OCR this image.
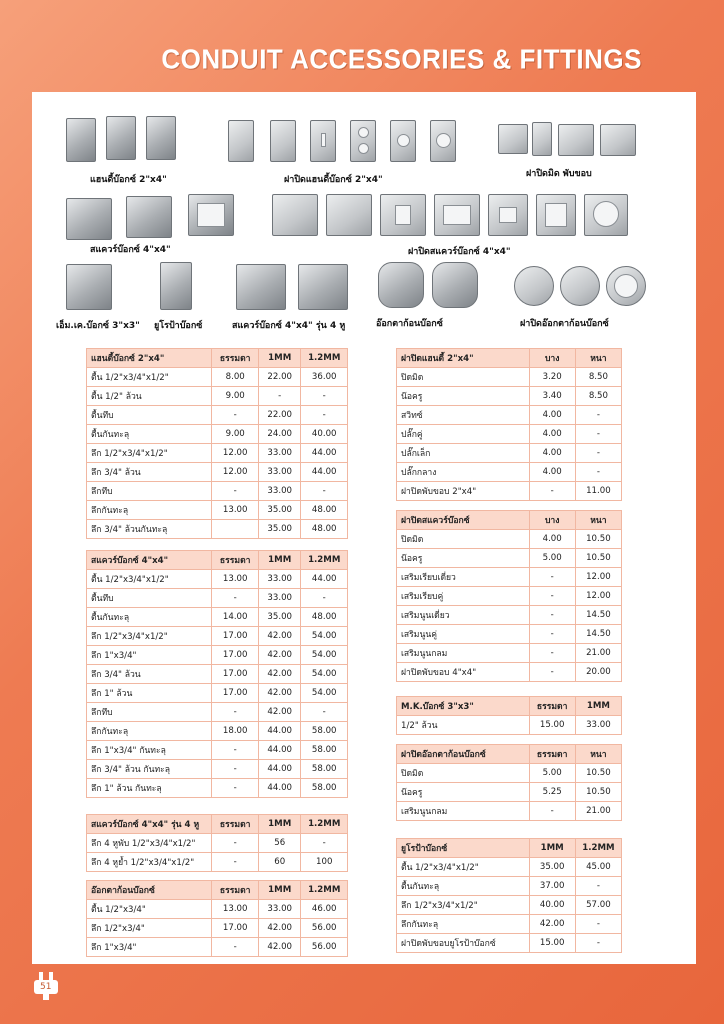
CONDUIT ACCESSORIES & FITTINGS
แฮนดี้บ๊อกซ์ 2"x4"	ฝาปิดแฮนดี้บ๊อกซ์ 2"x4"
ฝาปิดมิด พับขอบ
สแควร์บ๊อกซ์ 4"x4"	ฝาปิดสแควร์บ๊อกซ์ 4"x4"
เอ็ม.เค.บ๊อกซ์ 3"x3" ยูโรป้าบ๊อกซ์	สแควร์บ๊อกซ์ 4"x4" รุ่น 4 หู	อ๊อกตาก้อนบ๊อกซ์	ฝาปิดอ๊อกตาก้อนบ๊อกซ์
แฮนดี้บ๊อกซ์ 2"x4"	ธรรมดา	1MM	1.2MM
ตื้น 1/2"x3/4"x1/2"	8.00	22.00	36.00
ตื้น 1/2" ล้วน	9.00	-	-
ตื้นทึบ	-	22.00	-
ตื้นกันทะลุ	9.00	24.00	40.00
ลึก 1/2"x3/4"x1/2"	12.00	33.00	44.00
ลึก 3/4" ล้วน	12.00	33.00	44.00
ลึกทึบ	-	33.00	-
ลึกกันทะลุ	13.00	35.00	48.00
ลึก 3/4" ล้วนกันทะลุ		35.00	48.00
สแควร์บ๊อกซ์ 4"x4"	ธรรมดา	1MM	1.2MM
ตื้น 1/2"x3/4"x1/2"	13.00	33.00	44.00
ตื้นทึบ	-	33.00	-
ตื้นกันทะลุ	14.00	35.00	48.00
ลึก 1/2"x3/4"x1/2"	17.00	42.00	54.00
ลึก 1"x3/4"	17.00	42.00	54.00
ลึก 3/4" ล้วน	17.00	42.00	54.00
ลึก 1" ล้วน	17.00	42.00	54.00
ลึกทึบ	-	42.00	-
ลึกกันทะลุ	18.00	44.00	58.00
ลึก 1"x3/4" กันทะลุ	-	44.00	58.00
ลึก 3/4" ล้วน กันทะลุ	-	44.00	58.00
ลึก 1" ล้วน กันทะลุ	-	44.00	58.00
สแควร์บ๊อกซ์ 4"x4" รุ่น 4 หู	ธรรมดา	1MM	1.2MM
ลึก 4 หูพับ 1/2"x3/4"x1/2"	-	56	-
ลึก 4 หูย้ำ 1/2"x3/4"x1/2"	-	60	100
อ๊อกตาก้อนบ๊อกซ์	ธรรมดา	1MM	1.2MM
ตื้น 1/2"x3/4"	13.00	33.00	46.00
ลึก 1/2"x3/4"	17.00	42.00	56.00
ลึก 1"x3/4"	-	42.00	56.00
ฝาปิดแฮนดี้ 2"x4"	บาง	หนา
ปิดมิด	3.20	8.50
น๊อครู	3.40	8.50
สวิทซ์	4.00	-
ปลั๊กคู่	4.00	-
ปลั๊กเล็ก	4.00	-
ปลั๊กกลาง	4.00	-
ฝาปิดพับขอบ 2"x4"	-	11.00
ฝาปิดสแควร์บ๊อกซ์	บาง	หนา
ปิดมิด	4.00	10.50
น๊อครู	5.00	10.50
เสริมเรียบเดี่ยว	-	12.00
เสริมเรียบคู่	-	12.00
เสริมนูนเดี่ยว	-	14.50
เสริมนูนคู่	-	14.50
เสริมนูนกลม	-	21.00
ฝาปิดพับขอบ 4"x4"	-	20.00
M.K.บ๊อกซ์ 3"x3"	ธรรมดา	1MM
1/2" ล้วน	15.00	33.00
ฝาปิดอ๊อกตาก้อนบ๊อกซ์	ธรรมดา	หนา
ปิดมิด	5.00	10.50
น๊อครู	5.25	10.50
เสริมนูนกลม	-	21.00
ยูโรป้าบ๊อกซ์	1MM	1.2MM
ตื้น 1/2"x3/4"x1/2"	35.00	45.00
ตื้นกันทะลุ	37.00	-
ลึก 1/2"x3/4"x1/2"	40.00	57.00
ลึกกันทะลุ	42.00	-
ฝาปิดพับขอบยูโรป้าบ๊อกซ์	15.00	-
51
